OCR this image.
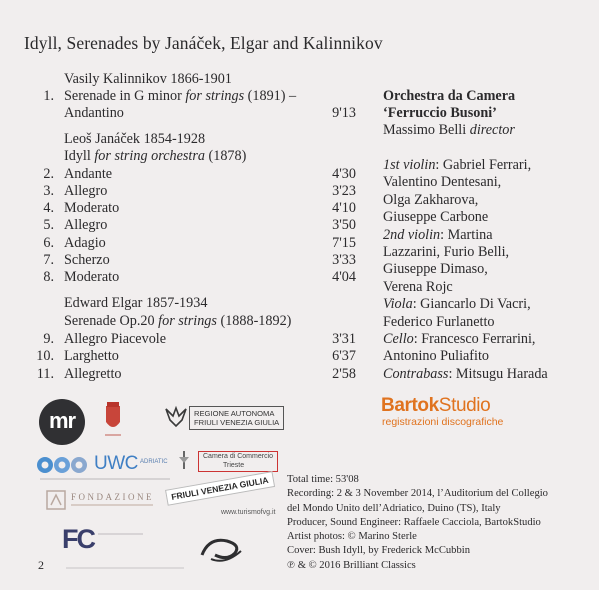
Idyll, Serenades by Janáček, Elgar and Kalinnikov
Vasily Kalinnikov 1866-1901
1. Serenade in G minor for strings (1891) –
Andantino	9'13
Leoš Janáček 1854-1928
Idyll for string orchestra (1878)
2. Andante	4'30
3. Allegro	3'23
4. Moderato	4'10
5. Allegro	3'50
6. Adagio	7'15
7. Scherzo	3'33
8. Moderato	4'04
Edward Elgar 1857-1934
Serenade Op.20 for strings (1888-1892)
9. Allegro Piacevole	3'31
10. Larghetto	6'37
11. Allegretto	2'58
Orchestra da Camera
‘Ferruccio Busoni’
Massimo Belli director
1st violin: Gabriel Ferrari,
Valentino Dentesani,
Olga Zakharova,
Giuseppe Carbone
2nd violin: Martina
Lazzarini, Furio Belli,
Giuseppe Dimaso,
Verena Rojc
Viola: Giancarlo Di Vacri,
Federico Furlanetto
Cello: Francesco Ferrarini,
Antonino Puliafito
Contrabass: Mitsugu Harada
BartokStudio
registrazioni discografiche
mr	REGIONE AUTONOMA
FRIULI VENEZIA GIULIA
UWC ADRIATIC
Camera di Commercio
Trieste
FONDAZIONE	FRIULI VENEZIA GIULIA
www.turismofvg.it
FC
Total time: 53'08
Recording: 2 & 3 November 2014, l’Auditorium del Collegio
del Mondo Unito dell’Adriatico, Duino (TS), Italy
Producer, Sound Engineer: Raffaele Cacciola, BartokStudio
Artist photos: © Marino Sterle
Cover: Bush Idyll, by Frederick McCubbin
℗ & © 2016 Brilliant Classics
2
